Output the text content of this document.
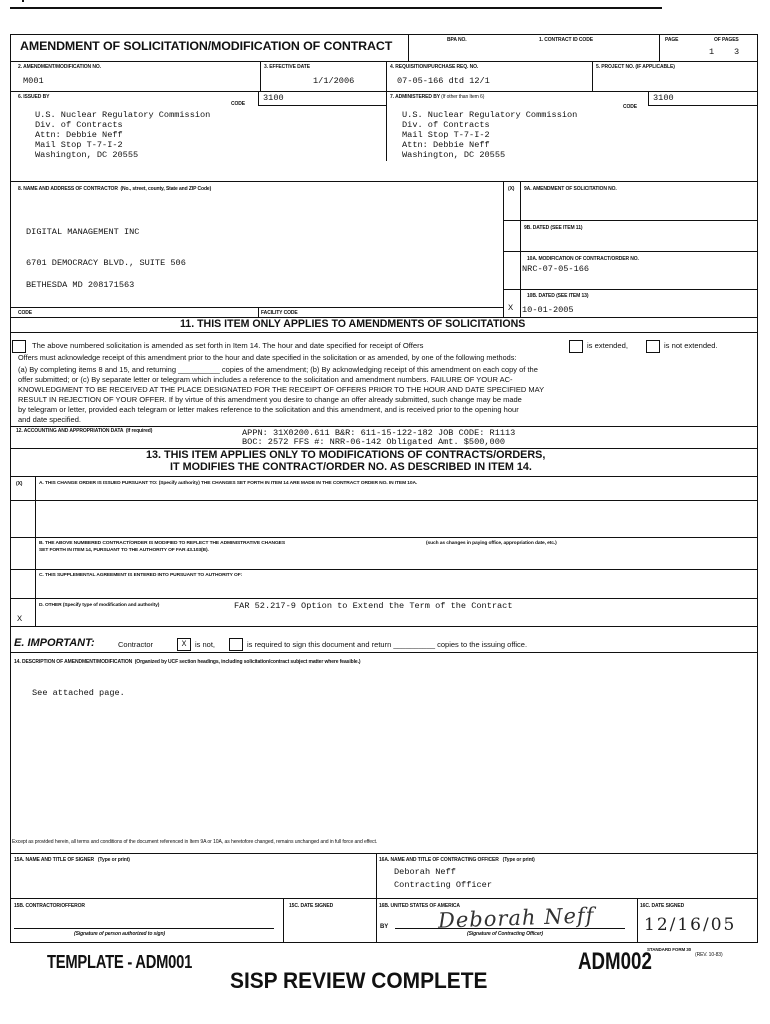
AMENDMENT OF SOLICITATION/MODIFICATION OF CONTRACT	BPA NO.	1. CONTRACT ID CODE	PAGE	OF PAGES
1 3
2. AMENDMENT/MODIFICATION NO.
M001
3. EFFECTIVE DATE
1/1/2006
4. REQUISITION/PURCHASE REQ. NO.
07-05-166 dtd 12/1
5. PROJECT NO. (IF APPLICABLE)
6. ISSUED BY
CODE
3100
U.S. Nuclear Regulatory Commission
Div. of Contracts
Attn: Debbie Neff
Mail Stop T-7-I-2
Washington, DC 20555
7. ADMINISTERED BY (If other than Item 6)
CODE
3100
U.S. Nuclear Regulatory Commission
Div. of Contracts
Mail Stop T-7-I-2
Attn: Debbie Neff
Washington, DC 20555
8. NAME AND ADDRESS OF CONTRACTOR (No., street, county, State and ZIP Code)
DIGITAL MANAGEMENT INC
6701 DEMOCRACY BLVD., SUITE 506
BETHESDA MD 208171563
(X) 9A. AMENDMENT OF SOLICITATION NO.
9B. DATED (SEE ITEM 11)
10A. MODIFICATION OF CONTRACT/ORDER NO.
NRC-07-05-166
10B. DATED (SEE ITEM 13)
10-01-2005
X
CODE	FACILITY CODE
11. THIS ITEM ONLY APPLIES TO AMENDMENTS OF SOLICITATIONS
The above numbered solicitation is amended as set forth in Item 14. The hour and date specified for receipt of Offers	is extended,	is not extended.
Offers must acknowledge receipt of this amendment prior to the hour and date specified in the solicitation or as amended, by one of the following methods:
(a) By completing items 8 and 15, and returning __________ copies of the amendment; (b) By acknowledging receipt of this amendment on each copy of the
offer submitted; or (c) By separate letter or telegram which includes a reference to the solicitation and amendment numbers. FAILURE OF YOUR AC-
KNOWLEDGMENT TO BE RECEIVED AT THE PLACE DESIGNATED FOR THE RECEIPT OF OFFERS PRIOR TO THE HOUR AND DATE SPECIFIED MAY
RESULT IN REJECTION OF YOUR OFFER. If by virtue of this amendment you desire to change an offer already submitted, such change may be made
by telegram or letter, provided each telegram or letter makes reference to the solicitation and this amendment, and is received prior to the opening hour
and date specified.
12. ACCOUNTING AND APPROPRIATION DATA (If required)	APPN: 31X0200.611 B&R: 611-15-122-182 JOB CODE: R1113
BOC: 2572 FFS #: NRR-06-142 Obligated Amt. $500,000
13. THIS ITEM APPLIES ONLY TO MODIFICATIONS OF CONTRACTS/ORDERS,
IT MODIFIES THE CONTRACT/ORDER NO. AS DESCRIBED IN ITEM 14.
(X)	A. THIS CHANGE ORDER IS ISSUED PURSUANT TO: (Specify authority) THE CHANGES SET FORTH IN ITEM 14 ARE MADE IN THE CONTRACT ORDER NO. IN ITEM 10A.
B. THE ABOVE NUMBERED CONTRACT/ORDER IS MODIFIED TO REFLECT THE ADMINISTRATIVE CHANGES	(such as changes in paying office, appropriation date, etc.)
SET FORTH IN ITEM 14, PURSUANT TO THE AUTHORITY OF FAR 43.103(B).
C. THIS SUPPLEMENTAL AGREEMENT IS ENTERED INTO PURSUANT TO AUTHORITY OF:
D. OTHER (Specify type of modification and authority)	FAR 52.217-9 Option to Extend the Term of the Contract
X
E. IMPORTANT:	Contractor	X	is not,	is required to sign this document and return __________ copies to the issuing office.
14. DESCRIPTION OF AMENDMENT/MODIFICATION (Organized by UCF section headings, including solicitation/contract subject matter where feasible.)
See attached page.
Except as provided herein, all terms and conditions of the document referenced in Item 9A or 10A, as heretofore changed, remains unchanged and in full force and effect.
15A. NAME AND TITLE OF SIGNER (Type or print)	16A. NAME AND TITLE OF CONTRACTING OFFICER (Type or print)
Deborah Neff
Contracting Officer
15B. CONTRACTOR/OFFEROR
(Signature of person authorized to sign)
15C. DATE SIGNED	16B. UNITED STATES OF AMERICA
BY Deborah Neff
(Signature of Contracting Officer)
16C. DATE SIGNED
12/16/05
STANDARD FORM 30
(REV. 10-83)
TEMPLATE - ADM001
SISP REVIEW COMPLETE
ADM002
